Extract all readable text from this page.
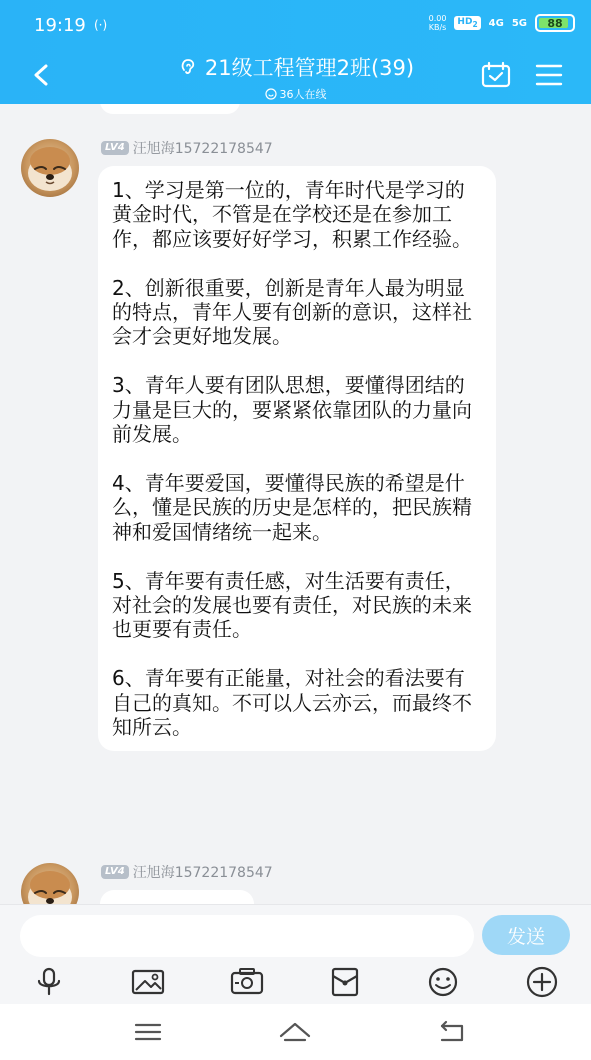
19:19 (·)	0.00
KB/s
$HD_2$	4G 5G 88
21级工程管理2班(39)
36人在线
LV4 汪旭海15722178547
1、学习是第一位的，青年时代是学习的黄金时代，不管是在学校还是在参加工作，都应该要好好学习，积累工作经验。

2、创新很重要，创新是青年人最为明显的特点，青年人要有创新的意识，这样社会才会更好地发展。

3、青年人要有团队思想，要懂得团结的力量是巨大的，要紧紧依靠团队的力量向前发展。

4、青年要爱国，要懂得民族的希望是什么，懂是民族的历史是怎样的，把民族精神和爱国情绪统一起来。

5、青年要有责任感，对生活要有责任，对社会的发展也要有责任，对民族的未来也更要有责任。

6、青年要有正能量，对社会的看法要有自己的真知。不可以人云亦云，而最终不知所云。
LV4 汪旭海15722178547
发送
